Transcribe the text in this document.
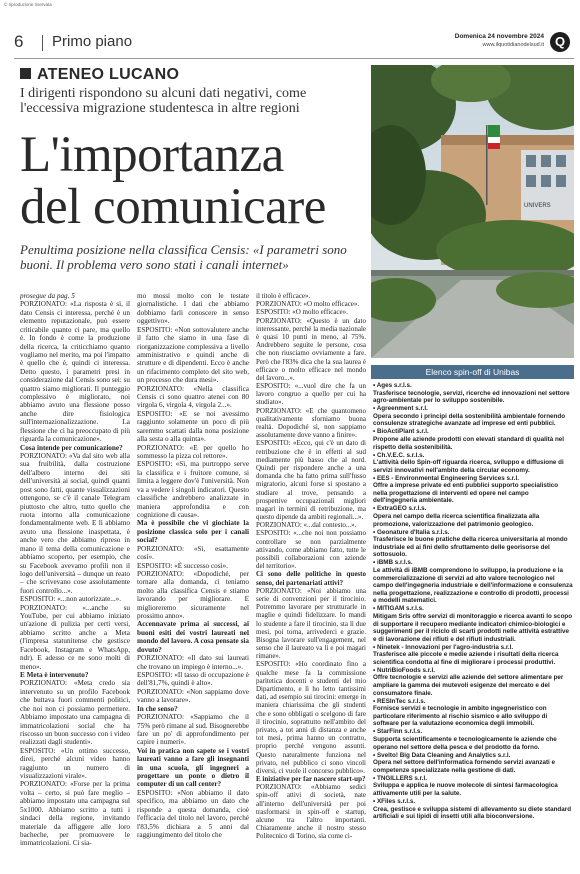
© riproduzione riservata
6 Primo piano	Domenica 24 novembre 2024
www.ilquotidianodelsud.it Q
ATENEO LUCANO
I dirigenti rispondono su alcuni dati negativi, come l'eccessiva migrazione studentesca in altre regioni
L'importanza
del comunicare
Penultima posizione nella classifica Censis: «I parametri sono buoni. Il problema vero sono stati i canali internet»
UNIVERS

prosegue da pag. 5

PORZIONATO: «La risposta è sì, il dato Censis ci interessa, perché è un elemento reputazionale, può essere criticabile quanto ci pare, ma quello è. In fondo è come la produzione della ricerca, la criticchiamo quanto vogliamo nel merito, ma poi l'impatto è quello che è, quindi ci interessa. Detto questo, i parametri presi in considerazione dal Censis sono sei: su quattro siamo migliorati. Il punteggio complessivo è migliorato, noi abbiamo avuto una flessione posso anche dire fisiologica sull'internazionalizzazione. La flessione che ci ha preoccupato di più riguarda la comunicazione».

Cosa intende per comunicazione?

PORZIONATO: «Va dal sito web alla sua fruibilità, dalla costruzione dell'albero interno dei siti dell'università ai social, quindi quanti post sono fatti, quante visualizzazioni ottengono, se c'è il canale Telegram piuttosto che altro, tutto quello che ruota intorno alla comunicazione fondamentalmente web. E lì abbiamo avuto una flessione inaspettata, è anche vero che abbiamo ripreso in mano il tema della comunicazione e abbiamo scoperto, per esempio, che su Facebook avevamo profili non il logo dell'università – dunque un reato – che scrivevano cose assolutamente fuori controllo...».

ESPOSITO: «...non autorizzate...».

PORZIONATO: «...anche su YouTube, per cui abbiamo iniziato un'azione di pulizia per certi versi, abbiamo scritto anche a Meta (l'impresa statunitense che gestisce Facebook, Instagram e WhatsApp, ndr). E adesso ce ne sono molti di meno».

E Meta è intervenuto?

PORZIONATO: «Meta credo sia intervenuto su un profilo Facebook che buttava fuori commenti politici, che noi non ci possiamo permettere. Abbiamo impostato una campagna di immatricolazioni social che ha riscosso un buon successo con i video realizzati dagli studenti».

ESPOSITO: «Un ottimo successo, direi, perché alcuni video hanno raggiunto un numero di visualizzazioni virale».

PORZIONATO: «Forse per la prima volta – certo, si può fare meglio – abbiamo impostato una campagna sul 5x1000. Abbiamo scritto a tutti i sindaci della regione, invitando materiale da affiggere alle loro bacheche, per promuovere le immatricolazioni. Ci sia-

mo mossi molto con le testate giornalistiche. I dati che abbiamo dobbiamo farli conoscere in senso oggettivo».

ESPOSITO: «Non sottovalutere anche il fatto che siamo in una fase di riorganizzazione complessiva a livello amministrativo e quindi anche di strutture e di dipendenti. Ecco è anche un rifacimento completo del sito web, un processo che dura mesi».

PORZIONATO: «Nella classifica Censis ci sono quattro atenei con 80 virgola 6, virgola 4, virgola 2...».

ESPOSITO: «E se noi avessimo raggiunto solamente un poco di più saremmo scattati dalla nona posizione alla sesta o alla quinta».

PORZIONATO: «E per quello ho sommesso la pizza col rettore».

ESPOSITO: «Sì, ma purtroppo serve la classifica e i fruitore comune, si limita a leggere dov'è l'università. Non va a vedere i singoli indicatori. Questo classifiche andrebbero analizzate in maniera approfondita e con cognizione di causa».

Ma è possibile che vi giochiate la posizione classica solo per i canali social?

PORZIONATO: «Sì, esattamente così».

ESPOSITO: «È successo così».

PORZIONATO: «Dopodiché, per tornare alla domanda, ci teniamo molto alla classifica Censis e stiamo lavorando per migliorare. E miglioreremo sicuramente nel prossimo anno».

Accennavate prima ai successi, ai buoni esiti dei vostri laureati nel mondo del lavoro. A cosa pensate sia dovuto?

PORZIONATO: «Il dato sui laureati che trovano un impiego è interno...».

ESPOSITO: «Il tasso di occupazione è dell'81,7%, quindi è alto».

PORZIONATO: «Non sappiamo dove vanno a lavorare».

In che senso?

PORZIONATO: «Sappiamo che il 75% però rimane al sud. Bisognerebbe fare un po' di approfondimento per capire i numeri».

Voi in pratica non sapete se i vostri laureati vanno a fare gli insegnanti in una scuola, gli ingegneri a progettare un ponte o dietro il computer di un call center?

ESPOSITO: «Non abbiamo il dato specifico, ma abbiamo un dato che risponde a questa domanda, cioè l'efficacia del titolo nel lavoro, perché l'83,5% dichiara a 5 anni dal raggiungimento del titolo che

il titolo è efficace».

PORZIONATO: «O molto efficace».

ESPOSITO: «O molto efficace».

PORZIONATO: «Questo è un dato interessante, perché la media nazionale è quasi 10 punti in meno, al 75%. Andrebbero seguite le persone, cosa che non riusciamo ovviamente a fare. Però che l'83% dica che la sua laurea è efficace o molto efficace nel mondo del lavoro...».

ESPOSITO: «...vuol dire che fa un lavoro congruo a quello per cui ha studiato».

PORZIONATO: «E che quantomeno qualitativamente sforniamo buona realtà. Dopodiché sì, non sappiamo assolutamente dove vanno a finire».

ESPOSITO: «Ecco, qui c'è un dato di retribuzione che è in effetti al sud mediamente più basso che al nord. Quindi per rispondere anche a una domanda che ha fatto prima sull'fusso migratorio, alcuni forse si spostano a studiare al trove, pensando a prospettive occupazionali migliori magari in termini di retribuzione, ma questo dipende da ambiti regionali...».

PORZIONATO: «...dal contesto...».

ESPOSITO: «...che noi non possiamo controllare se non parzialmente attivando, come abbiamo fatto, tutte le possibili collaborazioni con aziende del territorio».

Ci sono delle politiche in questo senso, dei partenariati attivi?

PORZIONATO: «Noi abbiamo una serie di convenzioni per il tirocinio. Potremmo lavorare per strutturarle in maglie e quindi fidelizzare. Io mandi lo studente a fare il tirocinio, sta lì due mesi, poi torna, arrivederci e grazie. Bisogna lavorare sull'engagement, nel senso che il laureato va lì e poi magari rimane».

ESPOSITO: «Ho coordinato fino a qualche mese fa la commissione paritetica docenti e studenti del mio Dipartimento, e lì ho letto tantissimi dati, ad esempio sui tirocini: emerge in maniera chiarissima che gli studenti che e sono obbligati o scelgono di fare il tirocinio, soprattutto nell'ambito del privato, a tot anni di distanza e anche tot mesi, prima hanno un contratto, proprio perché vengono assunti. Questo naturalmente funziona nel privato, nel pubblico ci sono vincoli diversi, ci vuole il concorso pubblico».

E iniziative per far nascere start-up?

PORZIONATO: «Abbiamo sedici spin-off attivi di società, nate all'interno dell'università per poi trasformarsi in spin-off e startup, alcune tra l'altro importanti. Chiaramente anche il nostro stesso Politecnico di Torino, sia come ci-

Elenco spin-off di Unibas
• Ages s.r.l.s.
Trasferisce tecnologie, servizi, ricerche ed innovazioni nel settore agro-ambientale per lo sviluppo sostenibile.
• Agreenment s.r.l.
Opera secondo i principi della sostenibilità ambientale fornendo consulenze strategiche avanzate ad imprese ed enti pubblici.
• BioActiPlant s.r.l.
Propone alle aziende prodotti con elevati standard di qualità nel rispetto della sostenibilità.
• Ch.V.E.C. s.r.l.s.
L'attività dello Spin-off riguarda ricerca, sviluppo e diffusione di servizi innovativi nell'ambito della circular economy.
• EES - Environmental Engineering Services s.r.l.
Offre a imprese private ed enti pubblici supporto specialistico nella progettazione di interventi ed opere nel campo dell'ingegneria ambientale.
• ExtraGEO s.r.l.s.
Opera nel campo della ricerca scientifica finalizzata alla promozione, valorizzazione del patrimonio geologico.
• Geonature d'Italia s.r.l.s.
Trasferisce le buone pratiche della ricerca universitaria al mondo industriale ed ai fini dello sfruttamento delle georisorse del sottosuolo.
• iBMB s.r.l.s.
Le attività di iBMB comprendono lo sviluppo, la produzione e la commercializzazione di servizi ad alto valore tecnologico nel campo dell'ingegneria industriale e dell'informazione e consulenza nella progettazione, realizzazione e controllo di prodotti, processi e modelli matematici.
• MITIGAM s.r.l.s.
Mitigam Srls offre servizi di monitoraggio e ricerca avanti lo scopo di supportare il recupero mediante indicatori chimico-biologici e suggerimenti per il riciclo di scarti prodotti nelle attività estrattive e di lavorazione dei rifiuti e del rifiuti industriali.
• Ninetek - Innovazioni per l'agro-industria s.r.l.
Trasferisce alle piccole e medie aziende i risultati della ricerca scientifica condotta al fine di migliorare i processi produttivi.
• NutriBioFoods s.r.l.
Offre tecnologie e servizi alle aziende del settore alimentare per ampliare la gamma dei mutevoli esigenze del mercato e del consumatore finale.
• RESInTec s.r.l.s.
Fornisce servizi e tecnologie in ambito ingegneristico con particolare riferimento al rischio sismico e allo sviluppo di software per la valutazione economica degli immobili.
• StarFinn s.r.l.s.
Supporta scientificamente e tecnologicamente le aziende che operano nel settore della pesca e del prodotto da forno.
• Svelto! Big Data Cleaning and Analytics s.r.l.
Opera nel settore dell'informatica fornendo servizi avanzati e competenze specializzate nella gestione di dati.
• TNGILLERS s.r.l.
Sviluppa e applica le nuove molecole di sintesi farmacologica attivamente utili per la salute.
• XFiles s.r.l.s.
Crea, gestisce e sviluppa sistemi di allevamento su diete standard artificiali e sui lipidi di insetti utili alla bioconversione.
